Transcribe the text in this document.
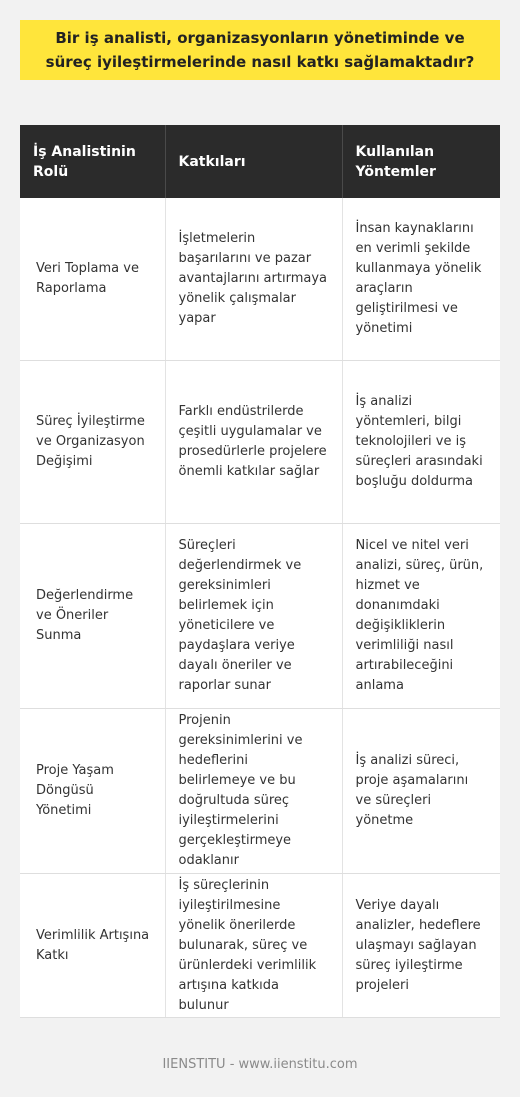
Bir iş analisti, organizasyonların yönetiminde ve süreç iyileştirmelerinde nasıl katkı sağlamaktadır?
İş Analistinin Rolü	Katkıları	Kullanılan Yöntemler
Veri Toplama ve Raporlama	İşletmelerin başarılarını ve pazar avantajlarını artırmaya yönelik çalışmalar yapar	İnsan kaynaklarını en verimli şekilde kullanmaya yönelik araçların geliştirilmesi ve yönetimi
Süreç İyileştirme ve Organizasyon Değişimi	Farklı endüstrilerde çeşitli uygulamalar ve prosedürlerle projelere önemli katkılar sağlar	İş analizi yöntemleri, bilgi teknolojileri ve iş süreçleri arasındaki boşluğu doldurma
Değerlendirme ve Öneriler Sunma	Süreçleri değerlendirmek ve gereksinimleri belirlemek için yöneticilere ve paydaşlara veriye dayalı öneriler ve raporlar sunar	Nicel ve nitel veri analizi, süreç, ürün, hizmet ve donanımdaki değişikliklerin verimliliği nasıl artırabileceğini anlama
Proje Yaşam Döngüsü Yönetimi	Projenin gereksinimlerini ve hedeflerini belirlemeye ve bu doğrultuda süreç iyileştirmelerini gerçekleştirmeye odaklanır	İş analizi süreci, proje aşamalarını ve süreçleri yönetme
Verimlilik Artışına Katkı	İş süreçlerinin iyileştirilmesine yönelik önerilerde bulunarak, süreç ve ürünlerdeki verimlilik artışına katkıda bulunur	Veriye dayalı analizler, hedeflere ulaşmayı sağlayan süreç iyileştirme projeleri
IIENSTITU - www.iienstitu.com
